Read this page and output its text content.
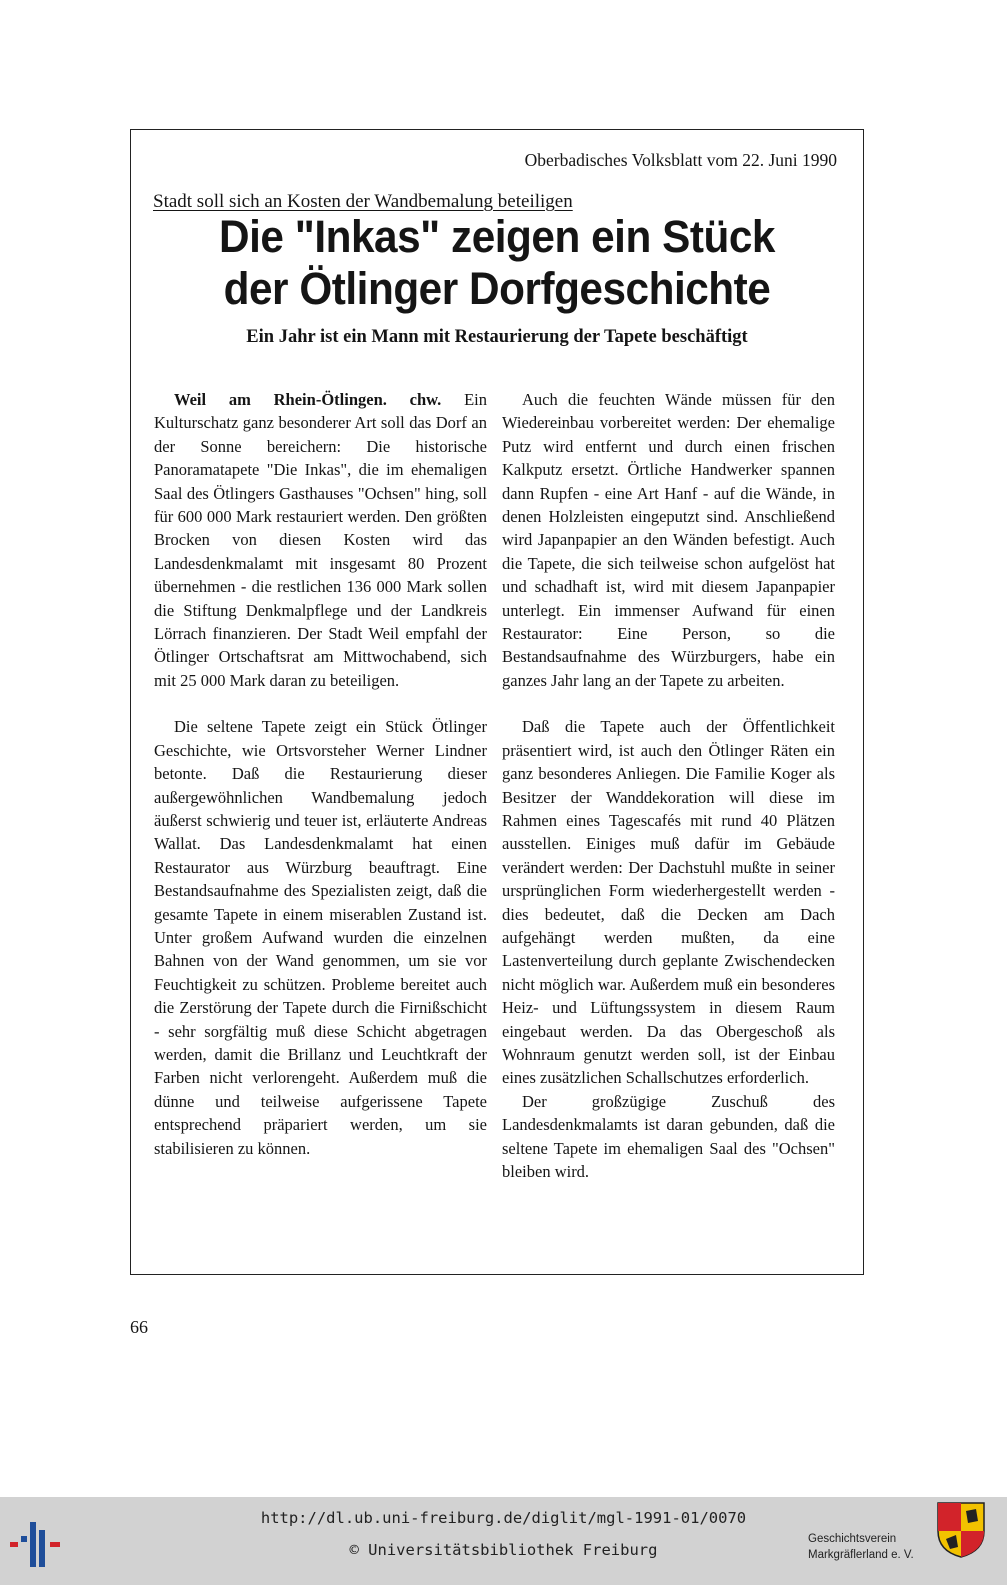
Oberbadisches Volksblatt vom 22. Juni 1990
Stadt soll sich an Kosten der Wandbemalung beteiligen
Die "Inkas" zeigen ein Stück
der Ötlinger Dorfgeschichte
Ein Jahr ist ein Mann mit Restaurierung der Tapete beschäftigt

Weil am Rhein-Ötlingen. chw. Ein Kulturschatz ganz besonderer Art soll das Dorf an der Sonne bereichern: Die historische Panoramatapete "Die Inkas", die im ehemaligen Saal des Ötlingers Gasthauses "Ochsen" hing, soll für 600 000 Mark restauriert werden. Den größten Brocken von diesen Kosten wird das Landesdenkmalamt mit insgesamt 80 Prozent übernehmen - die restlichen 136 000 Mark sollen die Stiftung Denkmalpflege und der Landkreis Lörrach finanzieren. Der Stadt Weil empfahl der Ötlinger Ortschaftsrat am Mittwochabend, sich mit 25 000 Mark daran zu beteiligen.

Die seltene Tapete zeigt ein Stück Ötlinger Geschichte, wie Ortsvorsteher Werner Lindner betonte. Daß die Restaurierung dieser außergewöhnlichen Wandbemalung jedoch äußerst schwierig und teuer ist, erläuterte Andreas Wallat. Das Landesdenkmalamt hat einen Restaurator aus Würzburg beauftragt. Eine Bestandsaufnahme des Spezialisten zeigt, daß die gesamte Tapete in einem miserablen Zustand ist. Unter großem Aufwand wurden die einzelnen Bahnen von der Wand genommen, um sie vor Feuchtigkeit zu schützen. Probleme bereitet auch die Zerstörung der Tapete durch die Firnißschicht - sehr sorgfältig muß diese Schicht abgetragen werden, damit die Brillanz und Leuchtkraft der Farben nicht verlorengeht. Außerdem muß die dünne und teilweise aufgerissene Tapete entsprechend präpariert werden, um sie stabilisieren zu können.

Auch die feuchten Wände müssen für den Wiedereinbau vorbereitet werden: Der ehemalige Putz wird entfernt und durch einen frischen Kalkputz ersetzt. Örtliche Handwerker spannen dann Rupfen - eine Art Hanf - auf die Wände, in denen Holzleisten eingeputzt sind. Anschließend wird Japanpapier an den Wänden befestigt. Auch die Tapete, die sich teilweise schon aufgelöst hat und schadhaft ist, wird mit diesem Japanpapier unterlegt. Ein immenser Aufwand für einen Restaurator: Eine Person, so die Bestandsaufnahme des Würzburgers, habe ein ganzes Jahr lang an der Tapete zu arbeiten.

Daß die Tapete auch der Öffentlichkeit präsentiert wird, ist auch den Ötlinger Räten ein ganz besonderes Anliegen. Die Familie Koger als Besitzer der Wanddekoration will diese im Rahmen eines Tagescafés mit rund 40 Plätzen ausstellen. Einiges muß dafür im Gebäude verändert werden: Der Dachstuhl mußte in seiner ursprünglichen Form wiederhergestellt werden - dies bedeutet, daß die Decken am Dach aufgehängt werden mußten, da eine Lastenverteilung durch geplante Zwischendecken nicht möglich war. Außerdem muß ein besonderes Heiz- und Lüftungssystem in diesem Raum eingebaut werden. Da das Obergeschoß als Wohnraum genutzt werden soll, ist der Einbau eines zusätzlichen Schallschutzes erforderlich.

Der großzügige Zuschuß des Landesdenkmalamts ist daran gebunden, daß die seltene Tapete im ehemaligen Saal des "Ochsen" bleiben wird.

66
http://dl.ub.uni-freiburg.de/diglit/mgl-1991-01/0070
© Universitätsbibliothek Freiburg
Geschichtsverein
Markgräflerland e. V.
